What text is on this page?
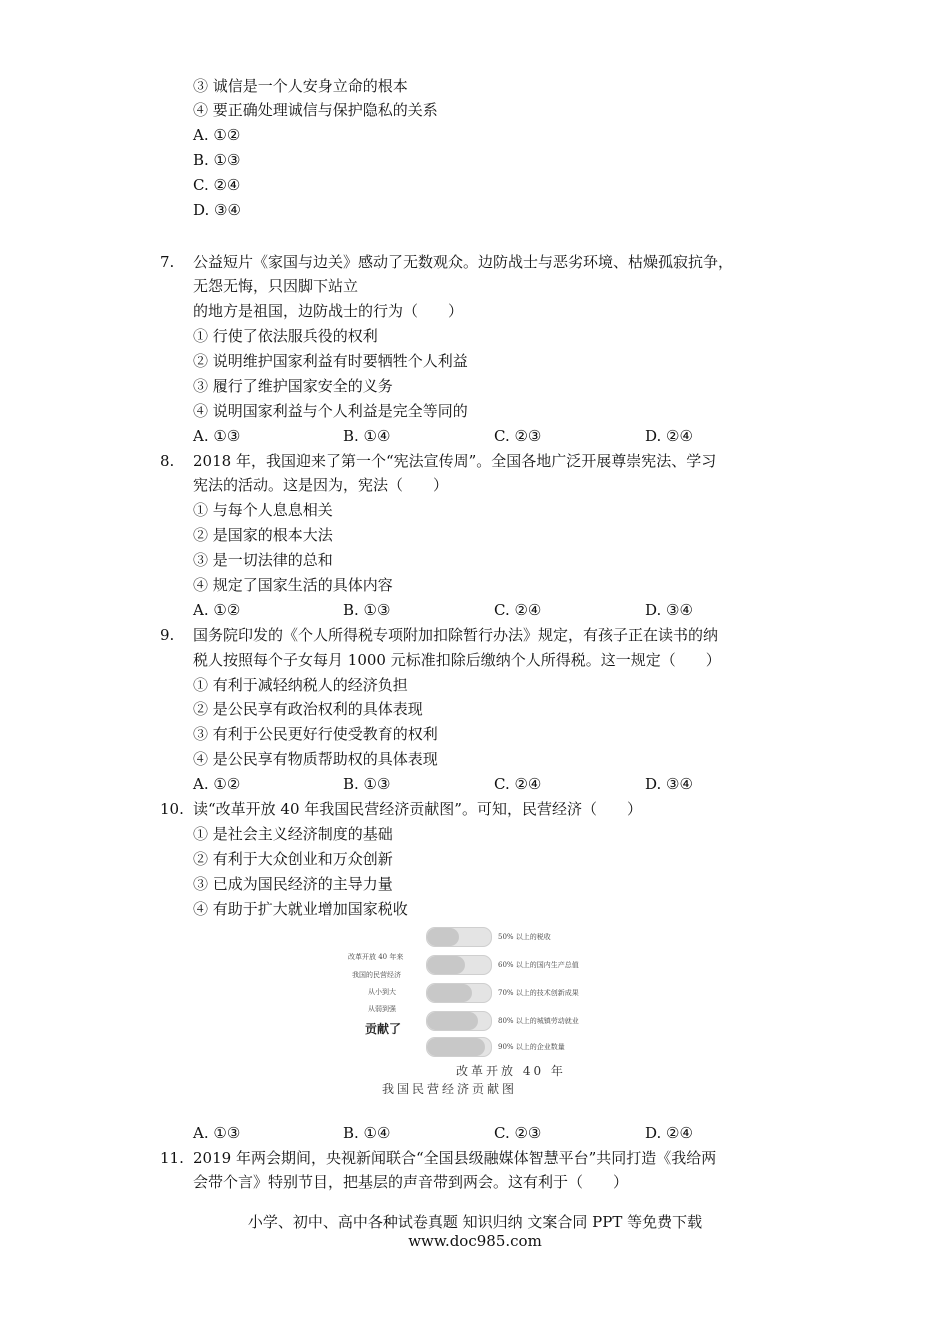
③ 诚信是一个人安身立命的根本
④ 要正确处理诚信与保护隐私的关系
A. ①②
B. ①③
C. ②④
D. ③④
7.	公益短片《家国与边关》感动了无数观众。边防战士与恶劣环境、枯燥孤寂抗争，
无怨无悔，只因脚下站立
的地方是祖国，边防战士的行为（　　）
① 行使了依法服兵役的权利
② 说明维护国家利益有时要牺牲个人利益
③ 履行了维护国家安全的义务
④ 说明国家利益与个人利益是完全等同的
A. ①③	B. ①④	C. ②③	D. ②④
8.	2018 年，我国迎来了第一个“宪法宣传周”。全国各地广泛开展尊崇宪法、学习
宪法的活动。这是因为，宪法（　　）
① 与每个人息息相关
② 是国家的根本大法
③ 是一切法律的总和
④ 规定了国家生活的具体内容
A. ①②	B. ①③	C. ②④	D. ③④
9.	国务院印发的《个人所得税专项附加扣除暂行办法》规定，有孩子正在读书的纳
税人按照每个子女每月 1000 元标准扣除后缴纳个人所得税。这一规定（　　）
① 有利于减轻纳税人的经济负担
② 是公民享有政治权利的具体表现
③ 有利于公民更好行使受教育的权利
④ 是公民享有物质帮助权的具体表现
A. ①②	B. ①③	C. ②④	D. ③④
10. 读“改革开放 40 年我国民营经济贡献图”。可知，民营经济（　　）
① 是社会主义经济制度的基础
② 有利于大众创业和万众创新
③ 已成为国民经济的主导力量
④ 有助于扩大就业增加国家税收
改革开放 40 年来
我国的民营经济
从小到大
从弱到强
贡献了
50% 以上的税收
60% 以上的国内生产总值
70% 以上的技术创新成果
80% 以上的城镇劳动就业
90% 以上的企业数量
改革开放 40 年
我国民营经济贡献图
A. ①③	B. ①④	C. ②③	D. ②④
11. 2019 年两会期间，央视新闻联合“全国县级融媒体智慧平台”共同打造《我给两
会带个言》特别节目，把基层的声音带到两会。这有利于（　　）
小学、初中、高中各种试卷真题 知识归纳 文案合同 PPT 等免费下载
www.doc985.com
